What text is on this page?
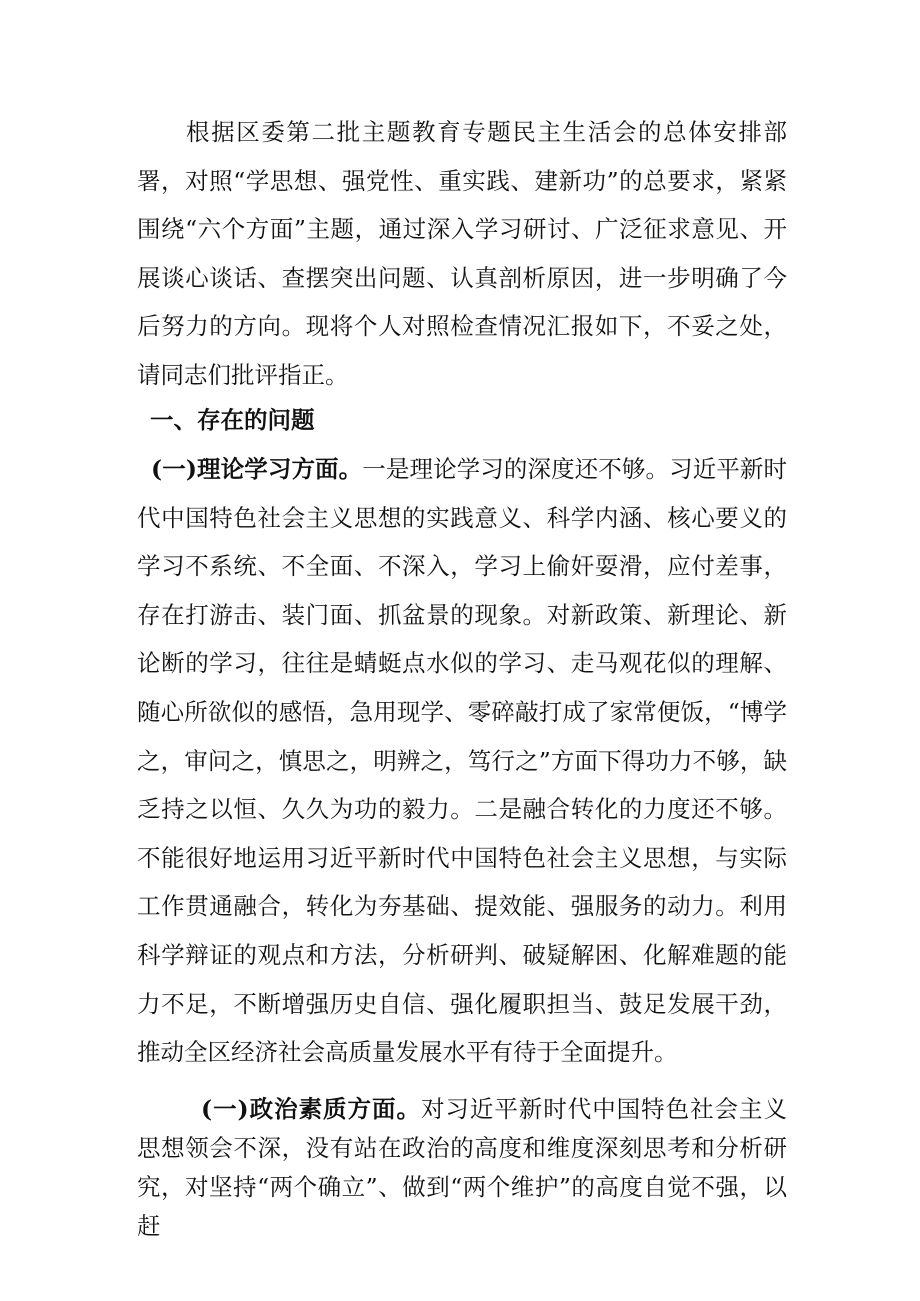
根据区委第二批主题教育专题民主生活会的总体安排部署，对照“学思想、强党性、重实践、建新功”的总要求，紧紧围绕“六个方面”主题，通过深入学习研讨、广泛征求意见、开展谈心谈话、查摆突出问题、认真剖析原因，进一步明确了今后努力的方向。现将个人对照检查情况汇报如下，不妥之处，请同志们批评指正。

一、存在的问题

(一)理论学习方面。一是理论学习的深度还不够。习近平新时代中国特色社会主义思想的实践意义、科学内涵、核心要义的学习不系统、不全面、不深入，学习上偷奸耍滑，应付差事，存在打游击、装门面、抓盆景的现象。对新政策、新理论、新论断的学习，往往是蜻蜓点水似的学习、走马观花似的理解、随心所欲似的感悟，急用现学、零碎敲打成了家常便饭，“博学之，审问之，慎思之，明辨之，笃行之”方面下得功力不够，缺乏持之以恒、久久为功的毅力。二是融合转化的力度还不够。不能很好地运用习近平新时代中国特色社会主义思想，与实际工作贯通融合，转化为夯基础、提效能、强服务的动力。利用科学辩证的观点和方法，分析研判、破疑解困、化解难题的能力不足，不断增强历史自信、强化履职担当、鼓足发展干劲，推动全区经济社会高质量发展水平有待于全面提升。

(一)政治素质方面。对习近平新时代中国特色社会主义思想领会不深，没有站在政治的高度和维度深刻思考和分析研究，对坚持“两个确立”、做到“两个维护”的高度自觉不强，以赶
